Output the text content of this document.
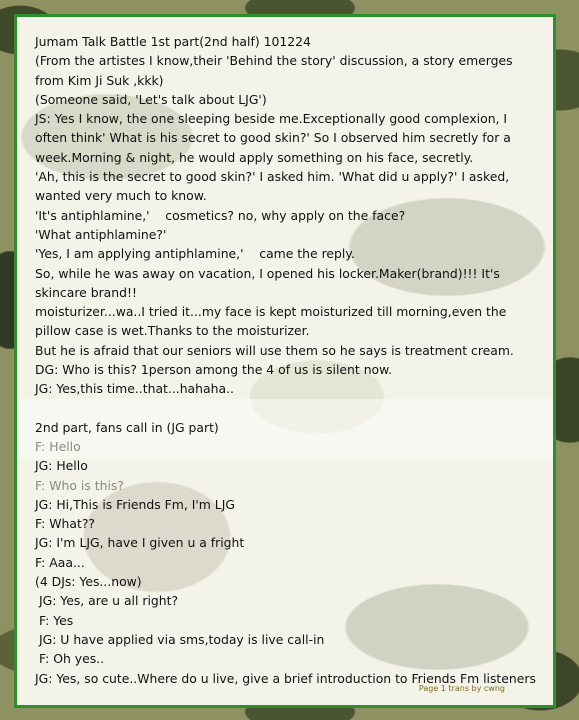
Jumam Talk Battle 1st part(2nd half) 101224

(From the artistes I know,their 'Behind the story' discussion, a story emerges from Kim Ji Suk ,kkk)

(Someone said, 'Let's talk about LJG')

JS: Yes I know, the one sleeping beside me.Exceptionally good complexion, I often think' What is his secret to good skin?' So I observed him secretly for a week.Morning & night, he would apply something on his face, secretly.

'Ah, this is the secret to good skin?' I asked him. 'What did u apply?' I asked, wanted very much to know.

'It's antiphlamine,'    cosmetics? no, why apply on the face?

'What antiphlamine?'

'Yes, I am applying antiphlamine,'    came the reply.

So, while he was away on vacation, I opened his locker.Maker(brand)!!! It's skincare brand!!

moisturizer...wa..I tried it...my face is kept moisturized till morning,even the pillow case is wet.Thanks to the moisturizer.

But he is afraid that our seniors will use them so he says is treatment cream.

DG: Who is this? 1person among the 4 of us is silent now.

JG: Yes,this time..that...hahaha..

2nd part, fans call in (JG part)

F: Hello

JG: Hello

F: Who is this?

JG: Hi,This is Friends Fm, I'm LJG

F: What??

JG: I'm LJG, have I given u a fright

F: Aaa...

(4 DJs: Yes...now)

JG: Yes, are u all right?

F: Yes

JG: U have applied via sms,today is live call-in

F: Oh yes..

JG: Yes, so cute..Where do u live, give a brief introduction to Friends Fm listeners

Page 1 trans by cwng
